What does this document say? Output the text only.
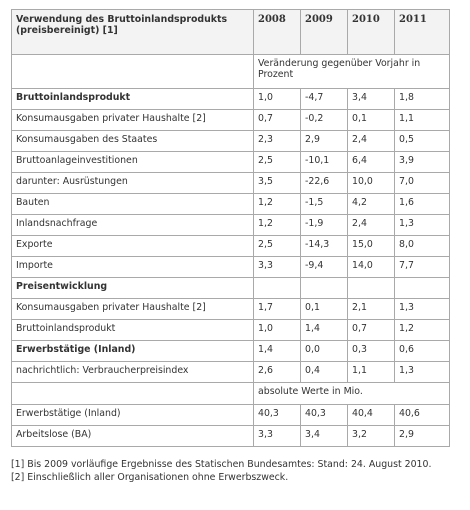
Verwendung des Bruttoinlandsprodukts (preisbereinigt) [1]	2008	2009	2010	2011
	Veränderung gegenüber Vorjahr in Prozent			
Bruttoinlandsprodukt	1,0	-4,7	3,4	1,8
Konsumausgaben privater Haushalte [2]	0,7	-0,2	0,1	1,1
Konsumausgaben des Staates	2,3	2,9	2,4	0,5
Bruttoanlageinvestitionen	2,5	-10,1	6,4	3,9
darunter: Ausrüstungen	3,5	-22,6	10,0	7,0
Bauten	1,2	-1,5	4,2	1,6
Inlandsnachfrage	1,2	-1,9	2,4	1,3
Exporte	2,5	-14,3	15,0	8,0
Importe	3,3	-9,4	14,0	7,7
Preisentwicklung				
Konsumausgaben privater Haushalte [2]	1,7	0,1	2,1	1,3
Bruttoinlandsprodukt	1,0	1,4	0,7	1,2
Erwerbstätige (Inland)	1,4	0,0	0,3	0,6
nachrichtlich: Verbraucherpreisindex	2,6	0,4	1,1	1,3
	absolute Werte in Mio.			
Erwerbstätige (Inland)	40,3	40,3	40,4	40,6
Arbeitslose (BA)	3,3	3,4	3,2	2,9
[1] Bis 2009 vorläufige Ergebnisse des Statischen Bundesamtes: Stand: 24. August 2010.
[2] Einschließlich aller Organisationen ohne Erwerbszweck.
